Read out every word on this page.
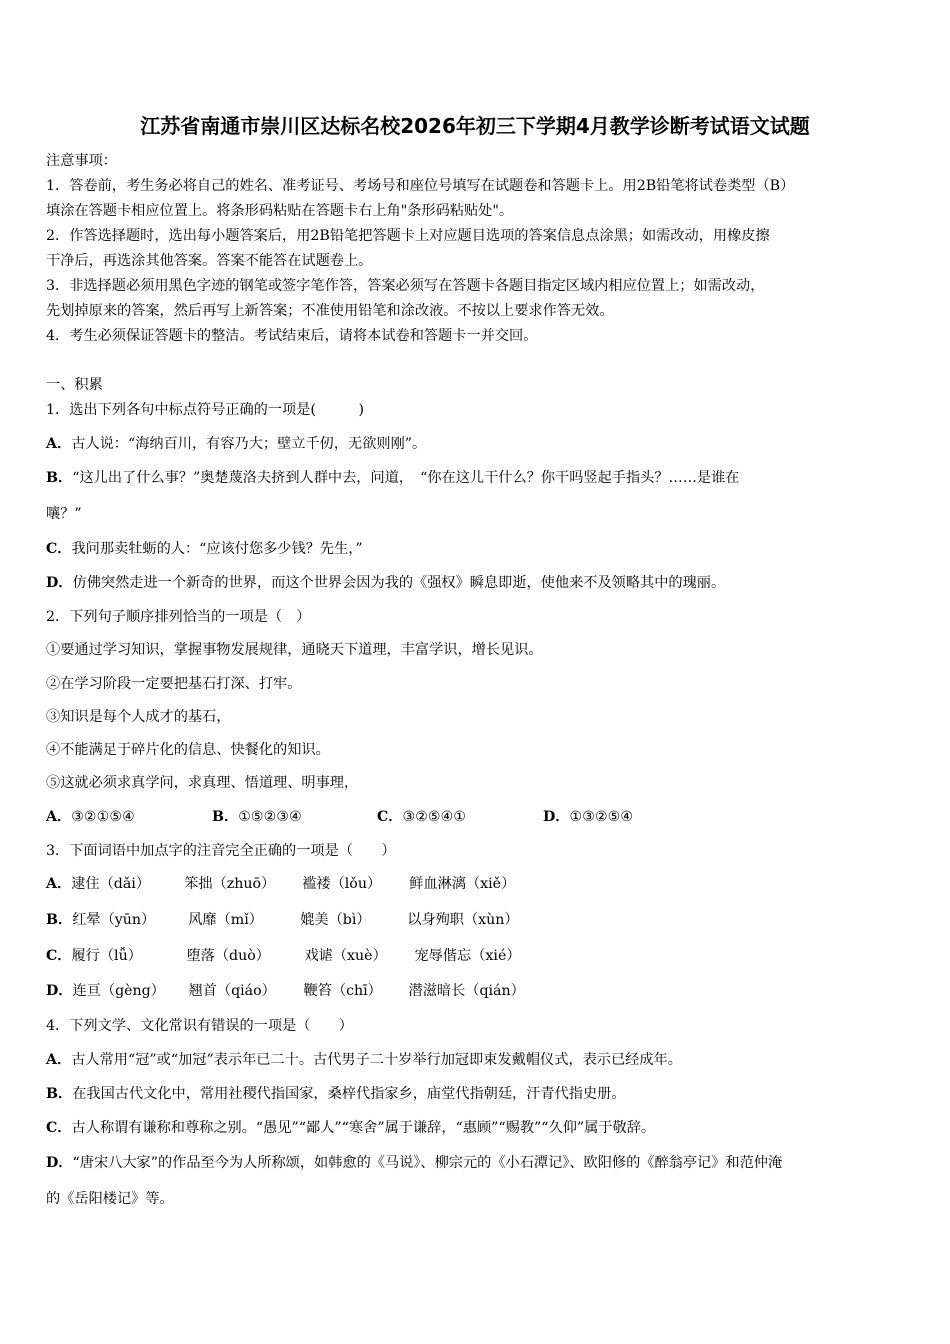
江苏省南通市崇川区达标名校2026年初三下学期4月教学诊断考试语文试题

注意事项：

1．答卷前，考生务必将自己的姓名、准考证号、考场号和座位号填写在试题卷和答题卡上。用2B铅笔将试卷类型（B）

填涂在答题卡相应位置上。将条形码粘贴在答题卡右上角"条形码粘贴处"。

2．作答选择题时，选出每小题答案后，用2B铅笔把答题卡上对应题目选项的答案信息点涂黑；如需改动，用橡皮擦

干净后，再选涂其他答案。答案不能答在试题卷上。

3．非选择题必须用黑色字迹的钢笔或签字笔作答，答案必须写在答题卡各题目指定区域内相应位置上；如需改动，

先划掉原来的答案，然后再写上新答案；不准使用铅笔和涂改液。不按以上要求作答无效。

4．考生必须保证答题卡的整洁。考试结束后，请将本试卷和答题卡一并交回。

一、积累
1．选出下列各句中标点符号正确的一项是(　　　)
A．古人说：“海纳百川，有容乃大；壁立千仞，无欲则刚”。
B．“这儿出了什么事？”奥楚蔑洛夫挤到人群中去，问道，　“你在这儿干什么？你干吗竖起手指头？……是谁在
嚷？”
C．我问那卖牡蛎的人：“应该付您多少钱？先生，”
D．仿佛突然走进一个新奇的世界，而这个世界会因为我的《强权》瞬息即逝，使他来不及领略其中的瑰丽。
2．下列句子顺序排列恰当的一项是（　）
①要通过学习知识，掌握事物发展规律，通晓天下道理，丰富学识，增长见识。
②在学习阶段一定要把基石打深、打牢。
③知识是每个人成才的基石，
④不能满足于碎片化的信息、快餐化的知识。
⑤这就必须求真学问，求真理、悟道理、明事理，
A．③②①⑤④	B．①⑤②③④	C．③②⑤④①	D．①③②⑤④
3．下面词语中加点字的注音完全正确的一项是（　　）
A．逮住（dǎi） 笨拙（zhuō） 褴褛（lǒu） 鲜血淋漓（xiě）
B．红晕（yūn） 风靡（mǐ）	媲美（bì）	以身殉职（xùn）
C．履行（lǚ）	堕落（duò） 戏谑（xuè） 宠辱偕忘（xié）
D．连亘（gèng） 翘首（qiáo） 鞭笞（chī） 潜滋暗长（qián）
4．下列文学、文化常识有错误的一项是（　　）
A．古人常用“冠”或“加冠”表示年已二十。古代男子二十岁举行加冠即束发戴帽仪式，表示已经成年。
B．在我国古代文化中，常用社稷代指国家，桑梓代指家乡，庙堂代指朝廷，汗青代指史册。
C．古人称谓有谦称和尊称之别。“愚见”“鄙人”“寒舍”属于谦辞，“惠顾”“赐教”“久仰”属于敬辞。
D．“唐宋八大家”的作品至今为人所称颂，如韩愈的《马说》、柳宗元的《小石潭记》、欧阳修的《醉翁亭记》和范仲淹
的《岳阳楼记》等。
